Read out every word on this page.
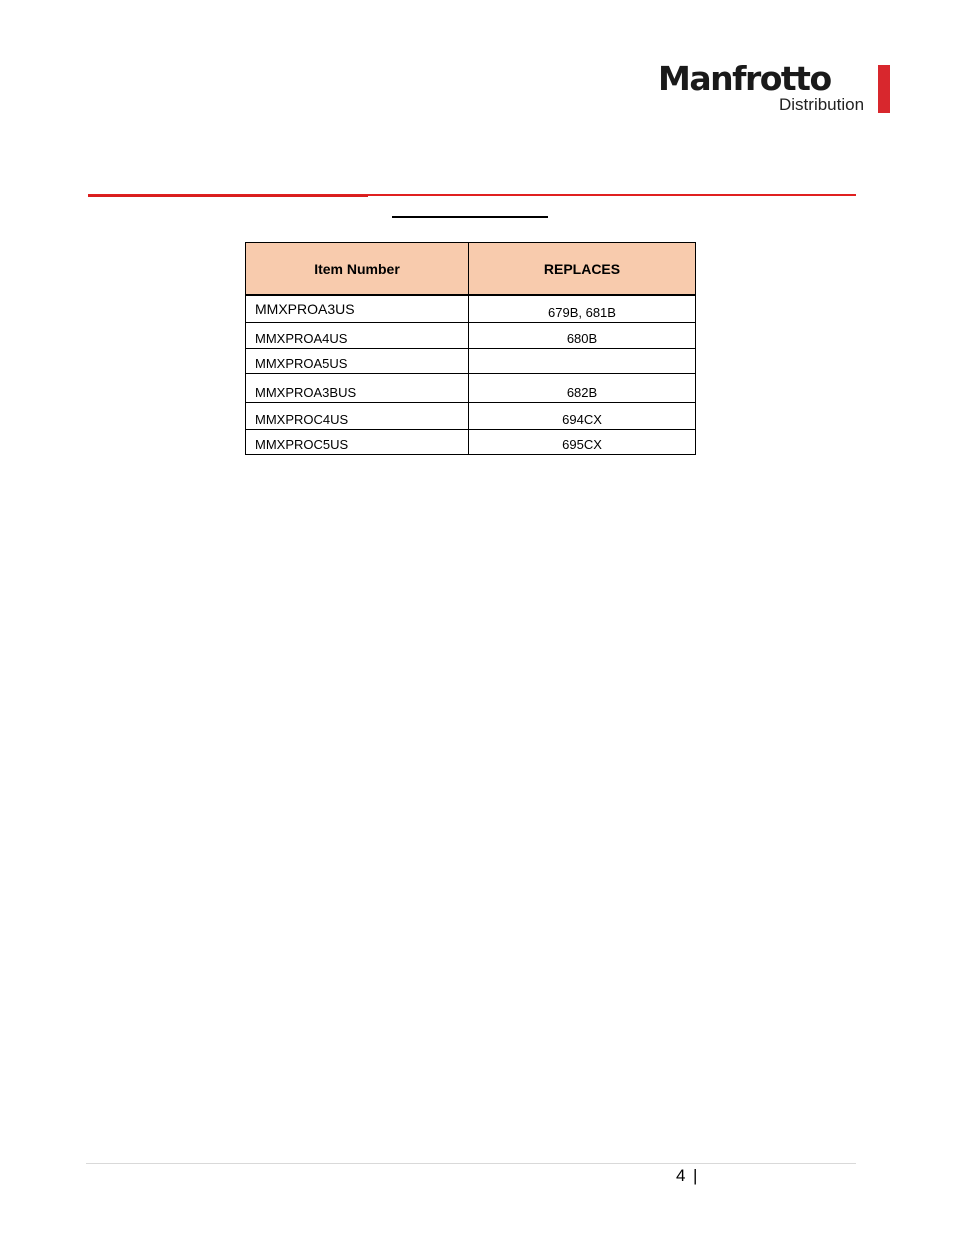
Manfrotto
Distribution
Item Number	REPLACES
MMXPROA3US	679B, 681B
MMXPROA4US	680B
MMXPROA5US	
MMXPROA3BUS	682B
MMXPROC4US	694CX
MMXPROC5US	695CX
4 |
